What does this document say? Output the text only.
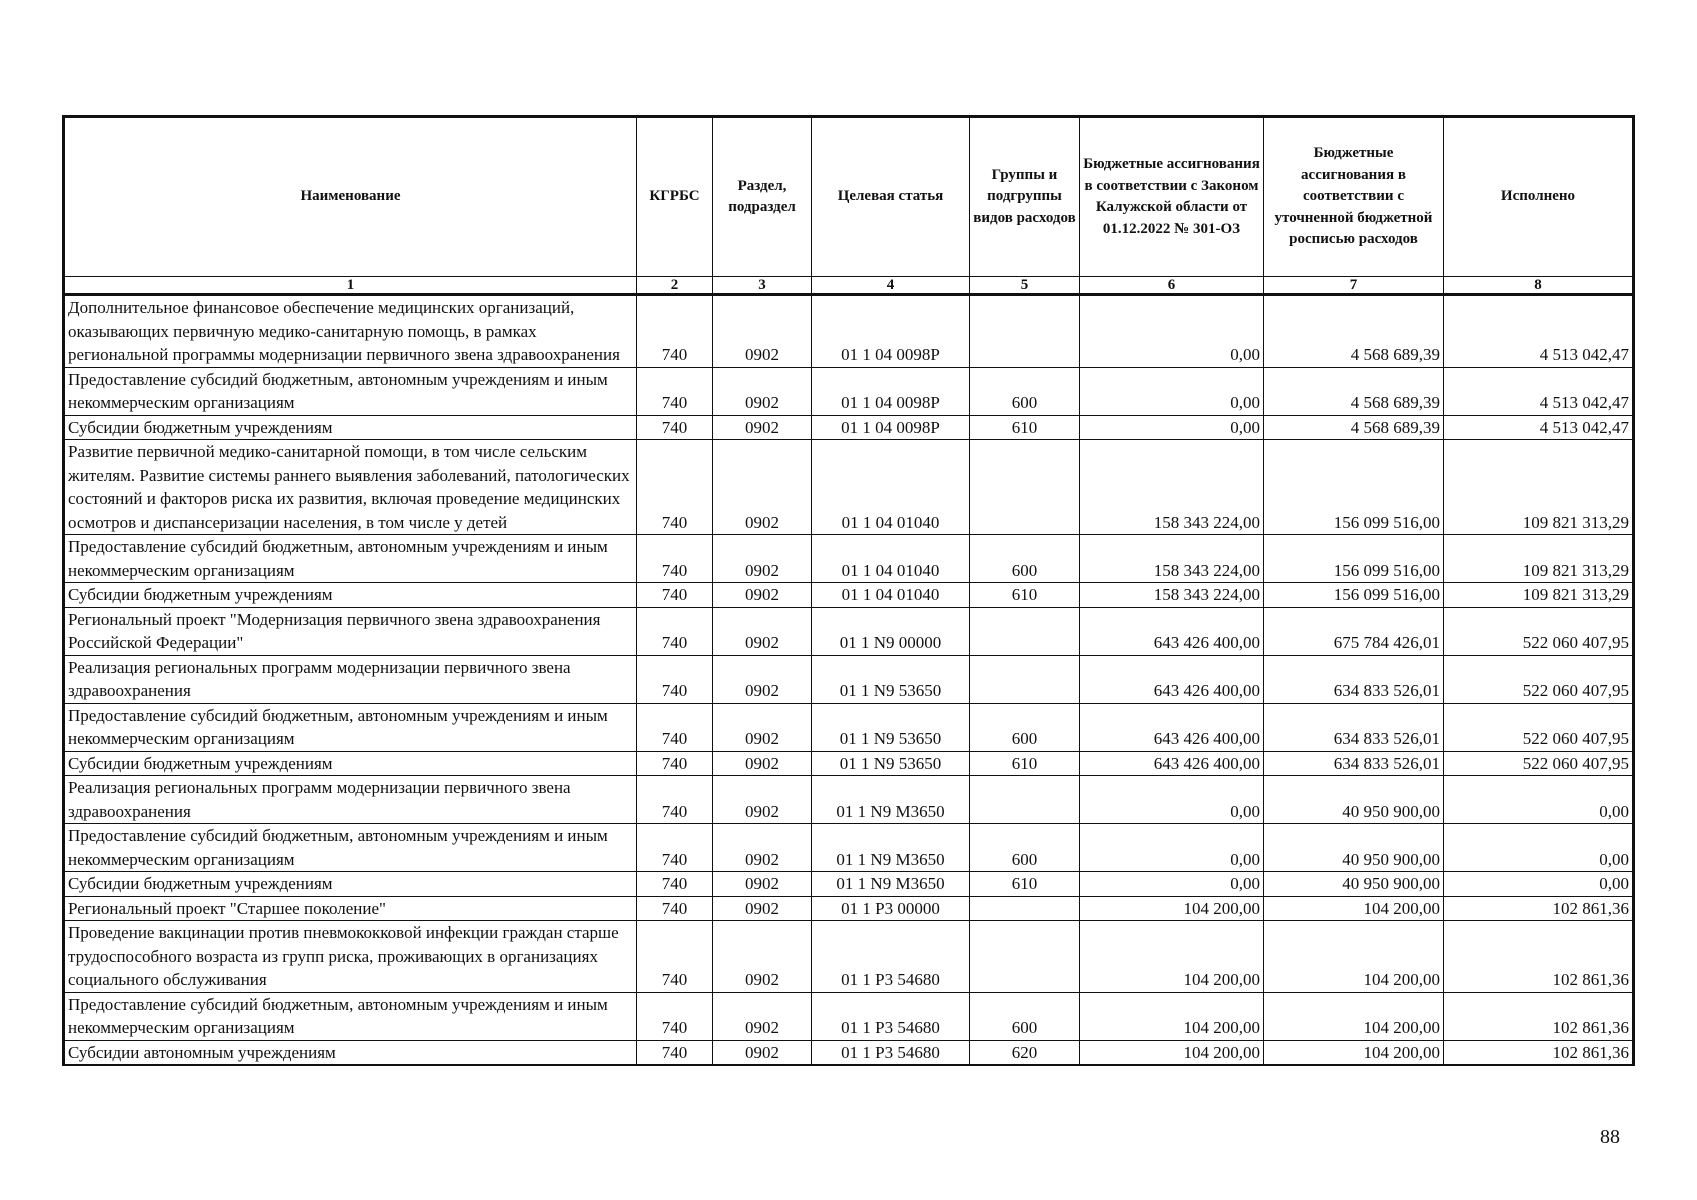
Наименование	КГРБС	Раздел, подраздел	Целевая статья	Группы и подгруппы видов расходов	Бюджетные ассигнования в соответствии с Законом Калужской области от 01.12.2022 № 301-ОЗ	Бюджетные ассигнования в соответствии с уточненной бюджетной росписью расходов	Исполнено
1	2	3	4	5	6	7	8
Дополнительное финансовое обеспечение медицинских организаций, оказывающих первичную медико-санитарную помощь, в рамках региональной программы модернизации первичного звена здравоохранения	740	0902	01 1 04 0098Р		0,00	4 568 689,39	4 513 042,47
Предоставление субсидий бюджетным, автономным учреждениям и иным некоммерческим организациям	740	0902	01 1 04 0098Р	600	0,00	4 568 689,39	4 513 042,47
Субсидии бюджетным учреждениям	740	0902	01 1 04 0098Р	610	0,00	4 568 689,39	4 513 042,47
Развитие первичной медико-санитарной помощи, в том числе сельским жителям. Развитие системы раннего выявления заболеваний, патологических состояний и факторов риска их развития, включая проведение медицинских осмотров и диспансеризации населения, в том числе у детей	740	0902	01 1 04 01040		158 343 224,00	156 099 516,00	109 821 313,29
Предоставление субсидий бюджетным, автономным учреждениям и иным некоммерческим организациям	740	0902	01 1 04 01040	600	158 343 224,00	156 099 516,00	109 821 313,29
Субсидии бюджетным учреждениям	740	0902	01 1 04 01040	610	158 343 224,00	156 099 516,00	109 821 313,29
Региональный проект "Модернизация первичного звена здравоохранения Российской Федерации"	740	0902	01 1 N9 00000		643 426 400,00	675 784 426,01	522 060 407,95
Реализация региональных программ модернизации первичного звена здравоохранения	740	0902	01 1 N9 53650		643 426 400,00	634 833 526,01	522 060 407,95
Предоставление субсидий бюджетным, автономным учреждениям и иным некоммерческим организациям	740	0902	01 1 N9 53650	600	643 426 400,00	634 833 526,01	522 060 407,95
Субсидии бюджетным учреждениям	740	0902	01 1 N9 53650	610	643 426 400,00	634 833 526,01	522 060 407,95
Реализация региональных программ модернизации первичного звена здравоохранения	740	0902	01 1 N9 М3650		0,00	40 950 900,00	0,00
Предоставление субсидий бюджетным, автономным учреждениям и иным некоммерческим организациям	740	0902	01 1 N9 М3650	600	0,00	40 950 900,00	0,00
Субсидии бюджетным учреждениям	740	0902	01 1 N9 М3650	610	0,00	40 950 900,00	0,00
Региональный проект "Старшее поколение"	740	0902	01 1 P3 00000		104 200,00	104 200,00	102 861,36
Проведение вакцинации против пневмококковой инфекции граждан старше трудоспособного возраста из групп риска, проживающих в организациях социального обслуживания	740	0902	01 1 P3 54680		104 200,00	104 200,00	102 861,36
Предоставление субсидий бюджетным, автономным учреждениям и иным некоммерческим организациям	740	0902	01 1 P3 54680	600	104 200,00	104 200,00	102 861,36
Субсидии автономным учреждениям	740	0902	01 1 P3 54680	620	104 200,00	104 200,00	102 861,36
88
